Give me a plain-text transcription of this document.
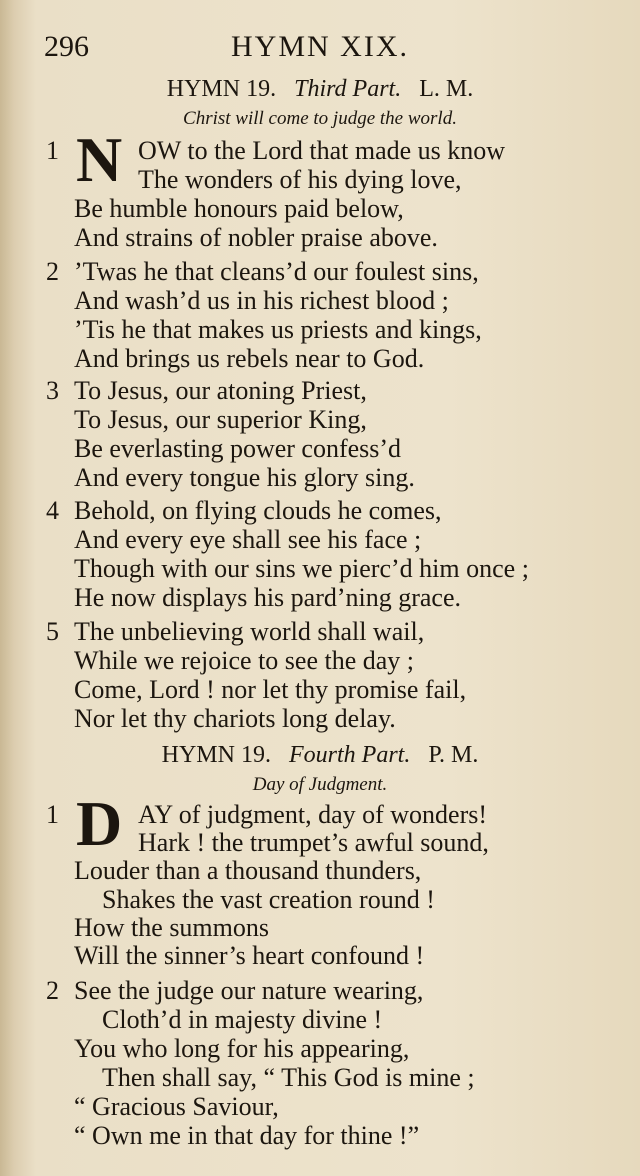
296	HYMN XIX.
HYMN 19. Third Part. L. M.
Christ will come to judge the world.
1 N OW to the Lord that made us know
The wonders of his dying love,
Be humble honours paid below,
And strains of nobler praise above.
2 ’Twas he that cleans’d our foulest sins,
And wash’d us in his richest blood ;
’Tis he that makes us priests and kings,
And brings us rebels near to God.
3 To Jesus, our atoning Priest,
To Jesus, our superior King,
Be everlasting power confess’d
And every tongue his glory sing.
4 Behold, on flying clouds he comes,
And every eye shall see his face ;
Though with our sins we pierc’d him once ;
He now displays his pard’ning grace.
5 The unbelieving world shall wail,
While we rejoice to see the day ;
Come, Lord ! nor let thy promise fail,
Nor let thy chariots long delay.
HYMN 19. Fourth Part. P. M.
Day of Judgment.
1 D AY of judgment, day of wonders!
Hark ! the trumpet’s awful sound,
Louder than a thousand thunders,
Shakes the vast creation round !
How the summons
Will the sinner’s heart confound !
2 See the judge our nature wearing,
Cloth’d in majesty divine !
You who long for his appearing,
Then shall say, “ This God is mine ;
“ Gracious Saviour,
“ Own me in that day for thine !”
